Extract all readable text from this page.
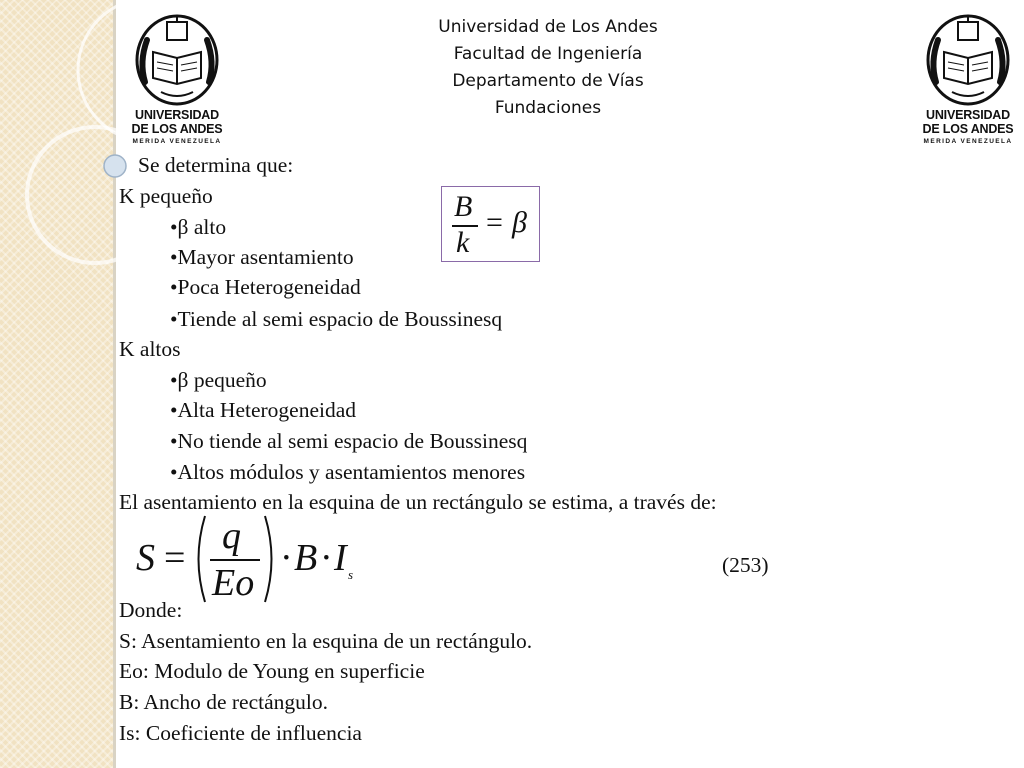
UNIVERSIDAD
DE LOS ANDES
MERIDA VENEZUELA
UNIVERSIDAD
DE LOS ANDES
MERIDA VENEZUELA
Universidad de Los Andes
Facultad de Ingeniería
Departamento de Vías
Fundaciones
Se determina que:
K pequeño
•β alto
•Mayor asentamiento
•Poca Heterogeneidad
•Tiende al semi espacio de Boussinesq
K altos
•β pequeño
•Alta Heterogeneidad
•No tiende al semi espacio de Boussinesq
•Altos módulos y asentamientos menores
El asentamiento en la esquina de un rectángulo se estima, a través de:
B
k
= β
S =
q
Eo
· B · I s	(253)
Donde:
S: Asentamiento en la esquina de un rectángulo.
Eo: Modulo de Young en superficie
B: Ancho de rectángulo.
Is: Coeficiente de influencia
